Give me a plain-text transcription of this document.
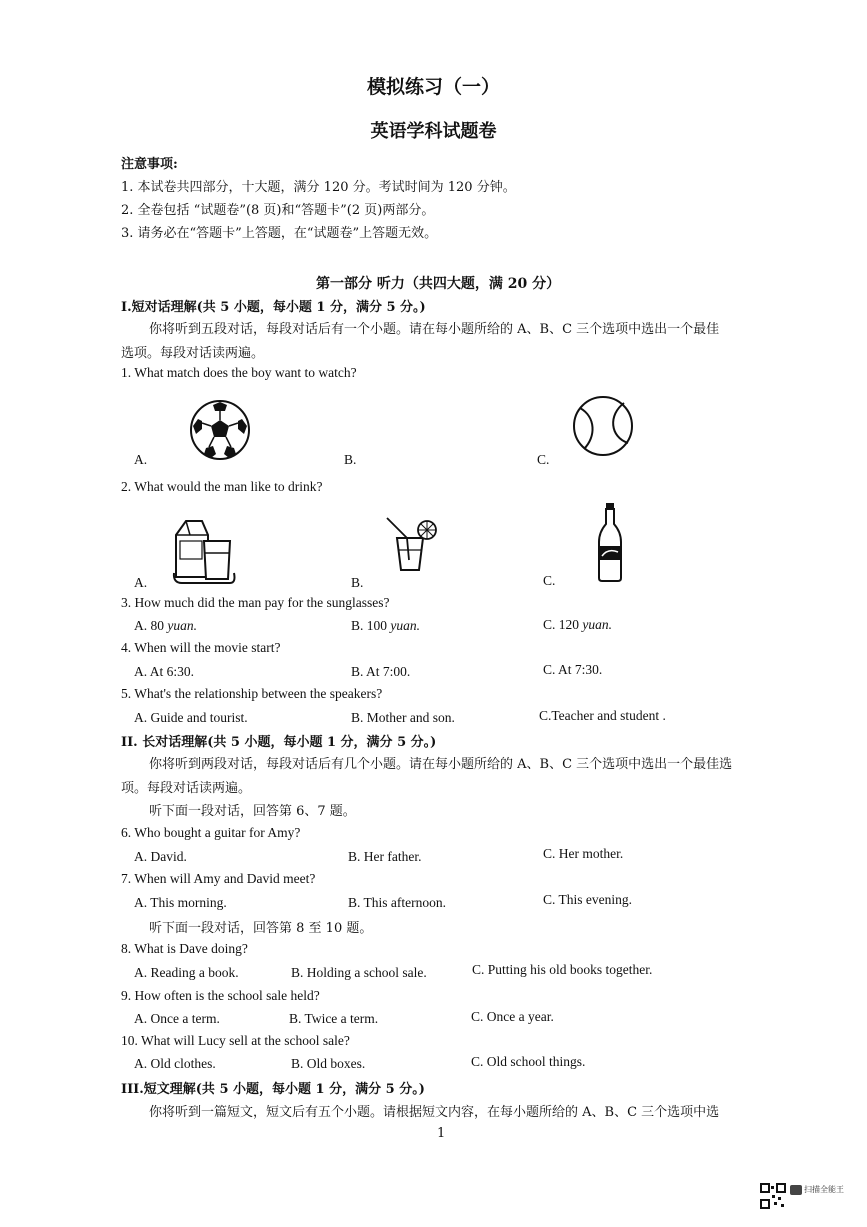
模拟练习（一）
英语学科试题卷
注意事项:
1. 本试卷共四部分，十大题，满分 120 分。考试时间为 120 分钟。
2. 全卷包括 “试题卷”(8 页)和“答题卡”(2 页)两部分。
3. 请务必在“答题卡”上答题，在“试题卷”上答题无效。
第一部分 听力（共四大题，满 20 分）
I.短对话理解(共 5 小题，每小题 1 分，满分 5 分。)
你将听到五段对话，每段对话后有一个小题。请在每小题所给的 A、B、C 三个选项中选出一个最佳
选项。每段对话读两遍。
1. What match does the boy want to watch?
A.	B.	C.
2. What would the man like to drink?
A.	B.	C.
3. How much did the man pay for the sunglasses?
A. 80 yuan.	B. 100 yuan.	C. 120 yuan.
4. When will the movie start?
A. At 6:30.	B. At 7:00.	C. At 7:30.
5. What's the relationship between the speakers?
A. Guide and tourist.	B. Mother and son.	C.Teacher and student .
II. 长对话理解(共 5 小题，每小题 1 分，满分 5 分。)
你将听到两段对话，每段对话后有几个小题。请在每小题所给的 A、B、C 三个选项中选出一个最佳选
项。每段对话读两遍。
听下面一段对话，回答第 6、7 题。
6. Who bought a guitar for Amy?
A. David.	B. Her father.	C. Her mother.
7. When will Amy and David meet?
A. This morning.	B. This afternoon.	C. This evening.
听下面一段对话，回答第 8 至 10 题。
8. What is Dave doing?
A. Reading a book.	B. Holding a school sale.	C. Putting his old books together.
9. How often is the school sale held?
A. Once a term.	B. Twice a term.	C. Once a year.
10. What will Lucy sell at the school sale?
A. Old clothes.	B. Old boxes.	C. Old school things.
III.短文理解(共 5 小题，每小题 1 分，满分 5 分。)
你将听到一篇短文，短文后有五个小题。请根据短文内容，在每小题所给的 A、B、C 三个选项中选
1
扫描全能王
